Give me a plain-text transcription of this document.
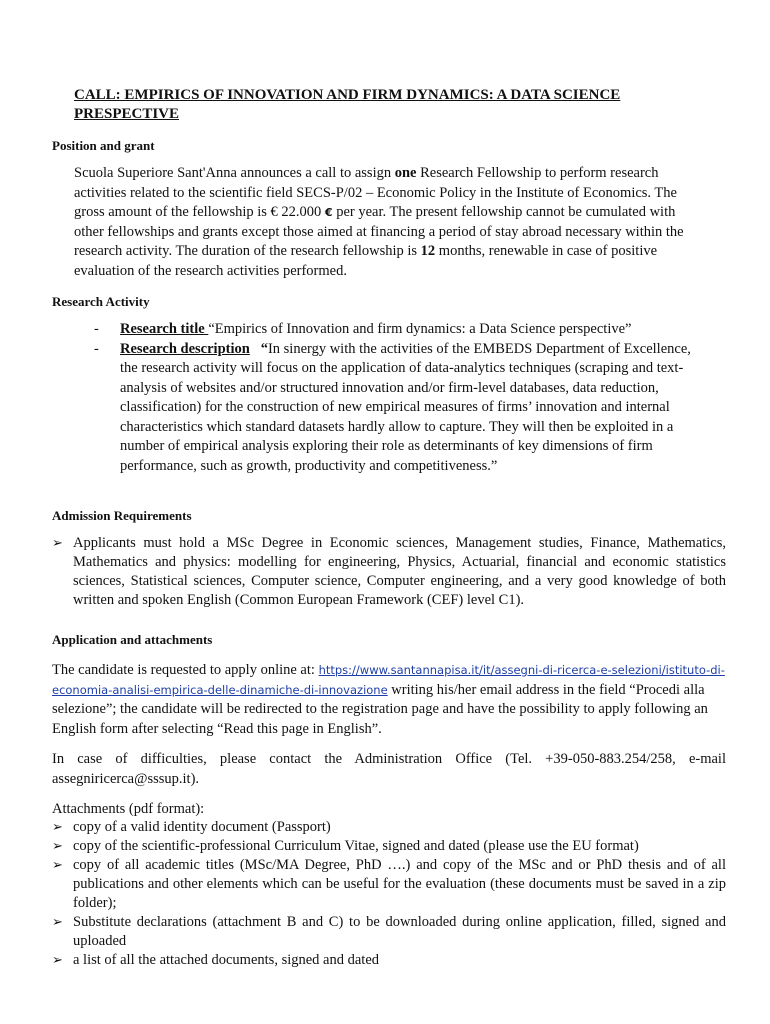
CALL: EMPIRICS OF INNOVATION AND FIRM DYNAMICS: A DATA SCIENCE PRESPECTIVE
Position and grant
Scuola Superiore Sant'Anna announces a call to assign one Research Fellowship to perform research activities related to the scientific field SECS-P/02 – Economic Policy in the Institute of Economics. The gross amount of the fellowship is € 22.000 € per year. The present fellowship cannot be cumulated with other fellowships and grants except those aimed at financing a period of stay abroad necessary within the research activity. The duration of the research fellowship is 12 months, renewable in case of positive evaluation of the research activities performed.
Research Activity
- Research title “Empirics of Innovation and firm dynamics: a Data Science perspective”
- Research description “In sinergy with the activities of the EMBEDS Department of Excellence, the research activity will focus on the application of data-analytics techniques (scraping and text-analysis of websites and/or structured innovation and/or firm-level databases, data reduction, classification) for the construction of new empirical measures of firms’ innovation and internal characteristics which standard datasets hardly allow to capture. They will then be exploited in a number of empirical analysis exploring their role as determinants of key dimensions of firm performance, such as growth, productivity and competitiveness.”
Admission Requirements
➢ Applicants must hold a MSc Degree in Economic sciences, Management studies, Finance, Mathematics, Mathematics and physics: modelling for engineering, Physics, Actuarial, financial and economic statistics sciences, Statistical sciences, Computer science, Computer engineering, and a very good knowledge of both written and spoken English (Common European Framework (CEF) level C1).
Application and attachments
The candidate is requested to apply online at: https://www.santannapisa.it/it/assegni-di-ricerca-e-selezioni/istituto-di-economia-analisi-empirica-delle-dinamiche-di-innovazione writing his/her email address in the field “Procedi alla selezione”; the candidate will be redirected to the registration page and have the possibility to apply following an English form after selecting “Read this page in English”.
In case of difficulties, please contact the Administration Office (Tel. +39-050-883.254/258, e-mail assegniricerca@sssup.it).
Attachments (pdf format):
➢ copy of a valid identity document (Passport)
➢ copy of the scientific-professional Curriculum Vitae, signed and dated (please use the EU format)
➢ copy of all academic titles (MSc/MA Degree, PhD ….) and copy of the MSc and or PhD thesis and of all publications and other elements which can be useful for the evaluation (these documents must be saved in a zip folder);
➢ Substitute declarations (attachment B and C) to be downloaded during online application, filled, signed and uploaded
➢ a list of all the attached documents, signed and dated
